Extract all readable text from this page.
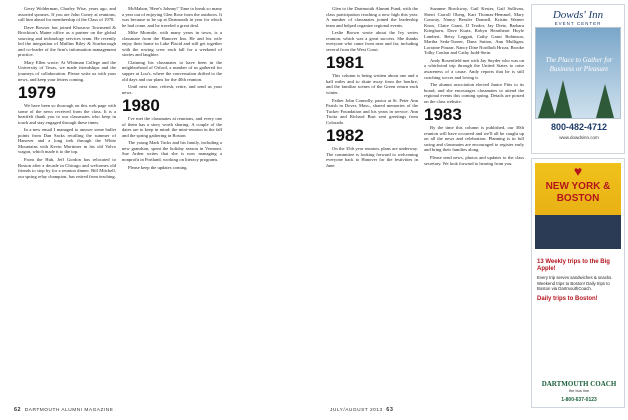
Gerry Wolderman, Charley Wise, years ago, and assorted spouses. If you are John Coney at reunions, call him ahead for membership of the Class of 1978.

Dave Bowser has joined Khosrow Townsend & Brockton's Maine office as a partner on the global sourcing and technology services team. He recently led the integration of Mullins Riley & Scarborough and co-leader of the firm's information management practice.

Mary Ellen wrote: At Whitman College and the University of Texas, we made friendships and the journeys of collaboration. Please write us with your news, and keep your letters coming.

1979

We have been so thorough on this web page with some of the news received from the class. It is a heartfelt thank you to our classmates who keep in touch and stay engaged through these times.

In a new email I managed to answer some bullet points from Dan Sacks recalling the summer of Hanover and a long trek through the White Mountains with Kevin Mortimer in his old Volvo wagon, which made it to the top.

From the Hub, Jeff Gordon has relocated to Boston after a decade in Chicago and welcomes old friends to stop by for a reunion dinner. Bill Mitchell, our spring relay champion, has retired from teaching.

McMahon, 'Here's Johnny!' Time to break so many a year out of enjoying Glen Rose from the outdoors. It was because to be up at Dartmouth in year for which he had come, and he traveled a great deal.

Mike Mormile, with many years in town, is a classmate from the Hanover Inn. He and his wife enjoy their home in Lake Placid and still get together with the rowing crew each fall for a weekend of stories and laughter.

Claiming his classmates to have been in the neighborhood of Orford, a number of us gathered for supper at Lou's, where the conversation drifted to the old days and our plans for the 40th reunion.

Until next time, refresh, retire, and send us your news.

1980

I've met the classmates at reunions, and every one of them has a story worth sharing. A couple of the dates are to keep in mind: the mini-reunion in the fall and the spring gathering in Boston.

The young Mark Tacks and his family, including a new grandson, spent the holiday season in Vermont. Sue Arden writes that she is now managing a nonprofit in Portland, working on literacy programs.

Please keep the updates coming.

Glen to the Dartmouth Alumni Fund, with the class participation reaching a new high this year. A number of classmates joined the leadership team and helped organize regional events.

Leslie Brown wrote about the Ivy series reunion, which was a great success. She thanks everyone who came from near and far, including several from the West Coast.

1981

This column is being written about one and a half miles and to skate away from the bonfire, and the familiar scenes of the Green return each winter.

Father John Connolly, pastor at St. Peter Ann Parish in Dover, Mass., shared memories of the Tucker Foundation and his years in service. Ann Trotta and Richard Burt sent greetings from Colorado.

1982

On the 35th year reunion, plans are underway. The committee is looking forward to welcoming everyone back to Hanover for the festivities in June.

Suzanne Brockway, Gail Kester, Gail Sullivan, Sherri Carroll Oberg, Kari Thomas-Hemmel, Mary Conway, Nancy Bessler Donnell, Kristin Warner Knox, Claire Grant, JJ Teodor, Jay Dietz, Barbara Krieghorn, Dave Kurtz, Robyn Heartheart Hoyle Lambert, Betsy Leggatt, Cathy Grant Robinson, Martha Seda-Turner, Dana Sutton, Ann Mulligan, Lorraine Pouzar, Nancy Dine Nordholt Hroza, Brooke Tolby Conlon and Cathy Judd-Stein.

Andy Rosenfield met with Jay Snyder who was on a whirlwind trip through the United States to raise awareness of a cause. Andy reports that he is still coaching soccer and loving it.

The alumni association elected Janice Fitts to its board, and she encourages classmates to attend the regional events this coming spring. Details are posted on the class website.

1983

By the time this column is published, our 30th reunion will have occurred and we'll all be caught up on all the news and celebration. Planning is in full swing and classmates are encouraged to register early and bring their families along.

Please send news, photos and updates to the class secretary. We look forward to hearing from you.

Dowds' Inn
EVENT CENTER
The Place to Gather for Business or Pleasure
800-482-4712
www.dowdsinn.com
♥
NEW YORK & BOSTON
13 Weekly trips to the Big Apple!
Every trip serves sandwiches & snacks. Weekend trips to Boston! Daily trips to Boston via DartmouthCoach.
Daily trips to Boston!
DARTMOUTH COACH
the bus line
1-800-637-0123
62 DARTMOUTH ALUMNI MAGAZINE	JULY/AUGUST 2013 63
